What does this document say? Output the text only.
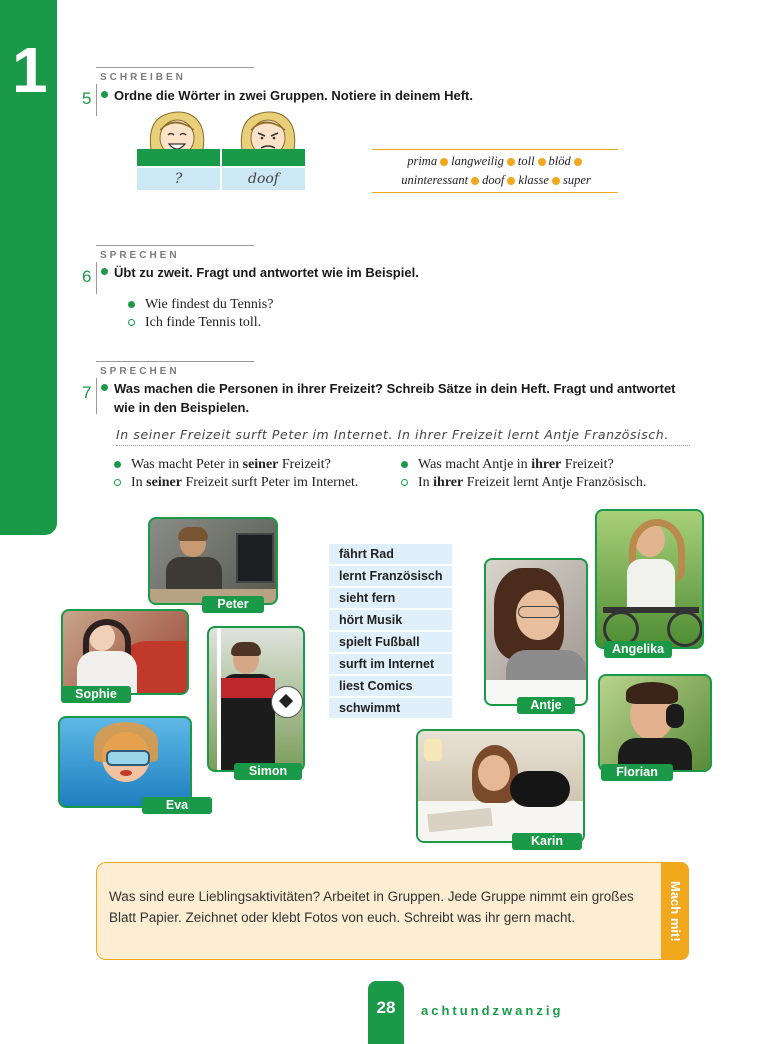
1	SCHREIBEN
5 Ordne die Wörter in zwei Gruppen. Notiere in deinem Heft.
?	doof
prima langweilig toll blöd
uninteressant doof klasse super
SPRECHEN
6 Übt zu zweit. Fragt und antwortet wie im Beispiel.
Wie findest du Tennis?
Ich finde Tennis toll.
SPRECHEN
7 Was machen die Personen in ihrer Freizeit? Schreib Sätze in dein Heft. Fragt und antwortet
wie in den Beispielen.
In seiner Freizeit surft Peter im Internet. In ihrer Freizeit lernt Antje Französisch.
Was macht Peter in seiner Freizeit?
In seiner Freizeit surft Peter im Internet.
Was macht Antje in ihrer Freizeit?
In ihrer Freizeit lernt Antje Französisch.
Peter
Sophie
Simon
Eva
Antje
Angelika
Florian
Karin
fährt Rad
lernt Französisch
sieht fern
hört Musik
spielt Fußball
surft im Internet
liest Comics
schwimmt
Was sind eure Lieblingsaktivitäten? Arbeitet in Gruppen. Jede Gruppe nimmt ein großes
Blatt Papier. Zeichnet oder klebt Fotos von euch. Schreibt was ihr gern macht.	Mach mit!
28	achtundzwanzig
